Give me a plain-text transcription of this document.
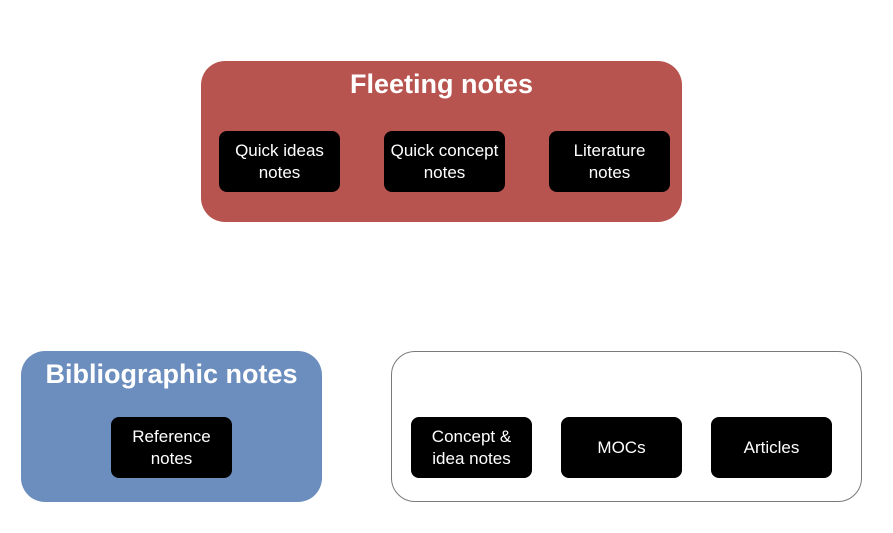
Fleeting notes
Quick ideas
notes
Quick concept
notes
Literature
notes
Bibliographic notes
Reference
notes
Concept &
idea notes
MOCs	Articles
